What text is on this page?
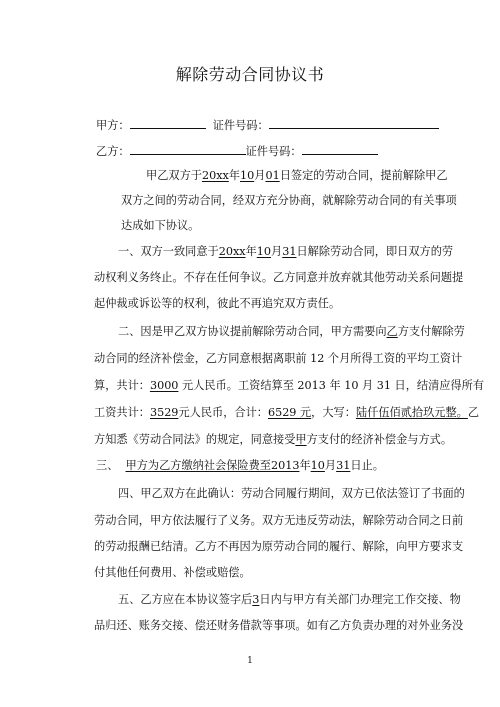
解除劳动合同协议书
甲方：	证件号码：
乙方：	证件号码：
甲乙双方于20xx年10月01日签定的劳动合同，提前解除甲乙
双方之间的劳动合同，经双方充分协商，就解除劳动合同的有关事项
达成如下协议。
一、双方一致同意于20xx年10月31日解除劳动合同，即日双方的劳
动权利义务终止。不存在任何争议。乙方同意并放弃就其他劳动关系问题提
起仲裁或诉讼等的权利，彼此不再追究双方责任。
二、因是甲乙双方协议提前解除劳动合同，甲方需要向乙方支付解除劳
动合同的经济补偿金，乙方同意根据离职前 12 个月所得工资的平均工资计
算，共计：3000 元人民币。工资结算至 2013 年 10 月 31 日，结清应得所有
工资共计：3529元人民币，合计：6529 元，大写：陆仟伍佰贰拾玖元整。乙
方知悉《劳动合同法》的规定，同意接受甲方支付的经济补偿金与方式。
三、 甲方为乙方缴纳社会保险费至2013年10月31日止。
四、甲乙双方在此确认：劳动合同履行期间，双方已依法签订了书面的
劳动合同，甲方依法履行了义务。双方无违反劳动法，解除劳动合同之日前
的劳动报酬已结清。乙方不再因为原劳动合同的履行、解除，向甲方要求支
付其他任何费用、补偿或赔偿。
五、乙方应在本协议签字后3日内与甲方有关部门办理完工作交接、物
品归还、账务交接、偿还财务借款等事项。如有乙方负责办理的对外业务没
1
